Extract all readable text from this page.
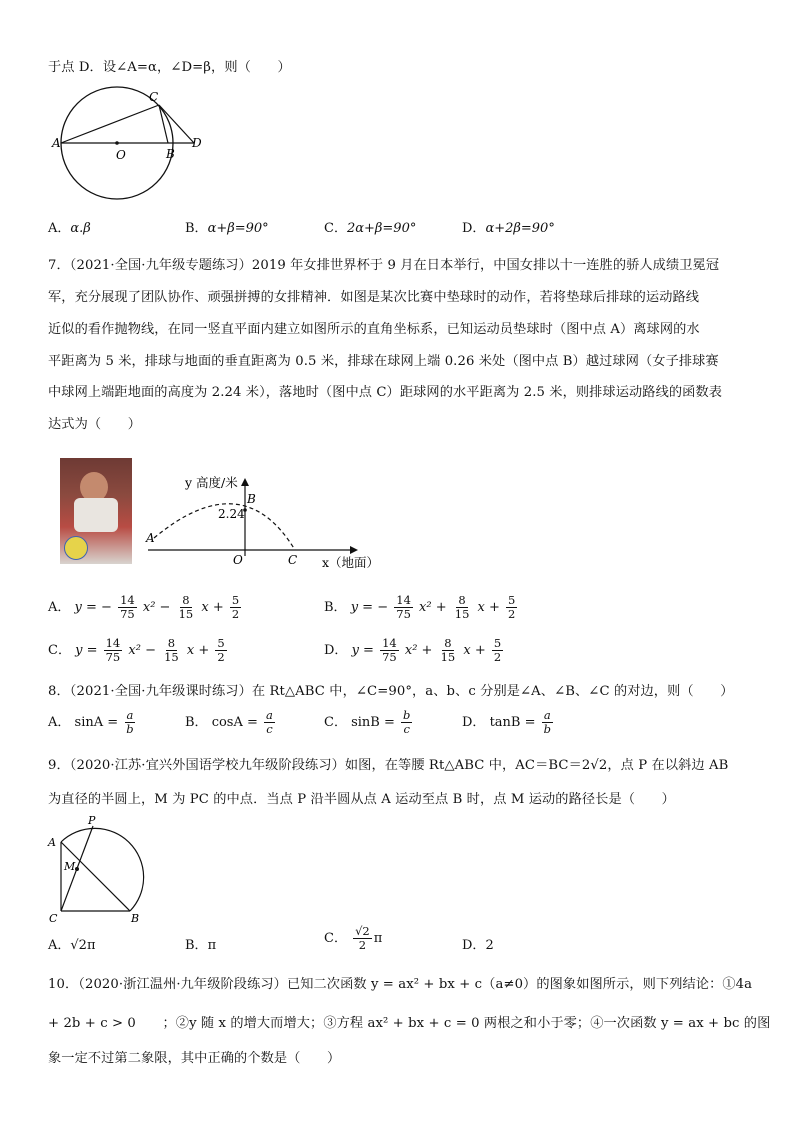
于点 D．设∠A=α，∠D=β，则（　　）
A
C
O	B
D
A．α.β	B．α+β=90°	C．2α+β=90°	D．α+2β=90°
7．（2021·全国·九年级专题练习）2019 年女排世界杯于 9 月在日本举行，中国女排以十一连胜的骄人成绩卫冕冠
军，充分展现了团队协作、顽强拼搏的女排精神．如图是某次比赛中垫球时的动作，若将垫球后排球的运动路线
近似的看作抛物线，在同一竖直平面内建立如图所示的直角坐标系，已知运动员垫球时（图中点 A）离球网的水
平距离为 5 米，排球与地面的垂直距离为 0.5 米，排球在球网上端 0.26 米处（图中点 B）越过球网（女子排球赛
中球网上端距地面的高度为 2.24 米），落地时（图中点 C）距球网的水平距离为 2.5 米，则排球运动路线的函数表
达式为（　　）
y 高度/米
B
2.24
A
O	C x（地面）
A． y = − $\frac{14}{75} x^2 - \frac{8}{15}$ $x + \frac{5}{2}$	B． y = − $\frac{14}{75} x^2 + \frac{8}{15}$ $x + \frac{5}{2}$
C． $y = \frac{14}{75} x^2 - \frac{8}{15}$ $x + \frac{5}{2}$	D． $y = \frac{14}{75} x^2 + \frac{8}{15}$ $x + \frac{5}{2}$
8．（2021·全国·九年级课时练习）在 Rt△ABC 中，∠C=90°，a、b、c 分别是∠A、∠B、∠C 的对边，则（　　）
A． $\sin A = \frac{a}{b}$	B． $\cos A = \frac{a}{c}$	C． $\sin B = \frac{b}{c}$	D． $\tan B = \frac{a}{b}$
9．（2020·江苏·宜兴外国语学校九年级阶段练习）如图，在等腰 Rt△ABC 中，AC＝BC＝2√2，点 P 在以斜边 AB
为直径的半圆上，M 为 PC 的中点．当点 P 沿半圆从点 A 运动至点 B 时，点 M 运动的路径长是（　　）
P
A
M
C	B
A．√2π	B．π	C． $\frac{√2}{2}$ π	D．2
10．（2020·浙江温州·九年级阶段练习）已知二次函数 y = ax² + bx + c（a≠0）的图象如图所示，则下列结论：①4a
+ 2b + c > 0　　；②y 随 x 的增大而增大；③方程 ax² + bx + c = 0 两根之和小于零；④一次函数 y = ax + bc 的图
象一定不过第二象限，其中正确的个数是（　　）
